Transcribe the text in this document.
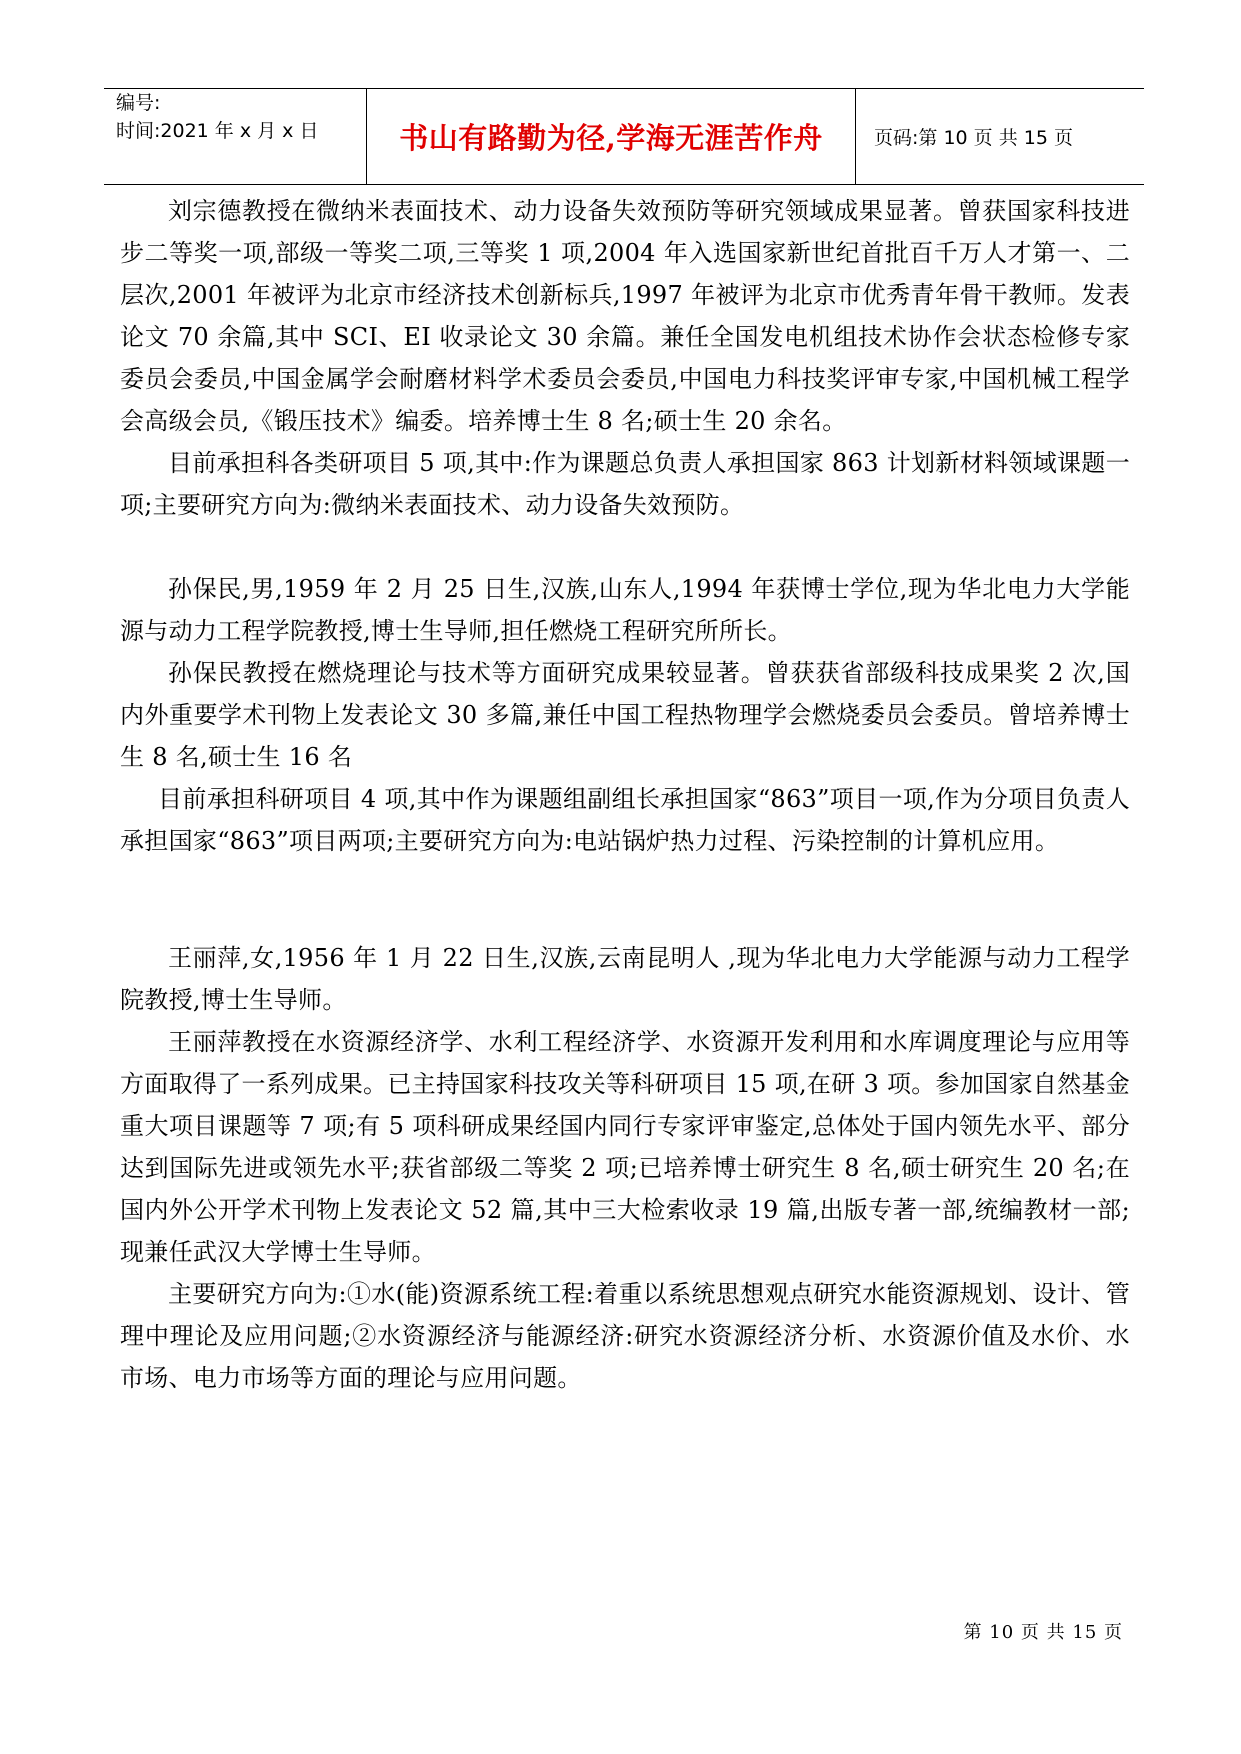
编号:
时间:2021 年 x 月 x 日	书山有路勤为径,学海无涯苦作舟	页码:第 10 页 共 15 页

刘宗德教授在微纳米表面技术、动力设备失效预防等研究领域成果显著。曾获国家科技进步二等奖一项,部级一等奖二项,三等奖 1 项,2004 年入选国家新世纪首批百千万人才第一、二层次,2001 年被评为北京市经济技术创新标兵,1997 年被评为北京市优秀青年骨干教师。发表论文 70 余篇,其中 SCI、EI 收录论文 30 余篇。兼任全国发电机组技术协作会状态检修专家委员会委员,中国金属学会耐磨材料学术委员会委员,中国电力科技奖评审专家,中国机械工程学会高级会员,《锻压技术》编委。培养博士生 8 名;硕士生 20 余名。

目前承担科各类研项目 5 项,其中:作为课题总负责人承担国家 863 计划新材料领域课题一项;主要研究方向为:微纳米表面技术、动力设备失效预防。

孙保民,男,1959 年 2 月 25 日生,汉族,山东人,1994 年获博士学位,现为华北电力大学能源与动力工程学院教授,博士生导师,担任燃烧工程研究所所长。

孙保民教授在燃烧理论与技术等方面研究成果较显著。曾获获省部级科技成果奖 2 次,国内外重要学术刊物上发表论文 30 多篇,兼任中国工程热物理学会燃烧委员会委员。曾培养博士生 8 名,硕士生 16 名

目前承担科研项目 4 项,其中作为课题组副组长承担国家“863”项目一项,作为分项目负责人承担国家“863”项目两项;主要研究方向为:电站锅炉热力过程、污染控制的计算机应用。

王丽萍,女,1956 年 1 月 22 日生,汉族,云南昆明人 ,现为华北电力大学能源与动力工程学院教授,博士生导师。

王丽萍教授在水资源经济学、水利工程经济学、水资源开发利用和水库调度理论与应用等方面取得了一系列成果。已主持国家科技攻关等科研项目 15 项,在研 3 项。参加国家自然基金重大项目课题等 7 项;有 5 项科研成果经国内同行专家评审鉴定,总体处于国内领先水平、部分达到国际先进或领先水平;获省部级二等奖 2 项;已培养博士研究生 8 名,硕士研究生 20 名;在国内外公开学术刊物上发表论文 52 篇,其中三大检索收录 19 篇,出版专著一部,统编教材一部;现兼任武汉大学博士生导师。

主要研究方向为:①水(能)资源系统工程:着重以系统思想观点研究水能资源规划、设计、管理中理论及应用问题;②水资源经济与能源经济:研究水资源经济分析、水资源价值及水价、水市场、电力市场等方面的理论与应用问题。

第 10 页 共 15 页
